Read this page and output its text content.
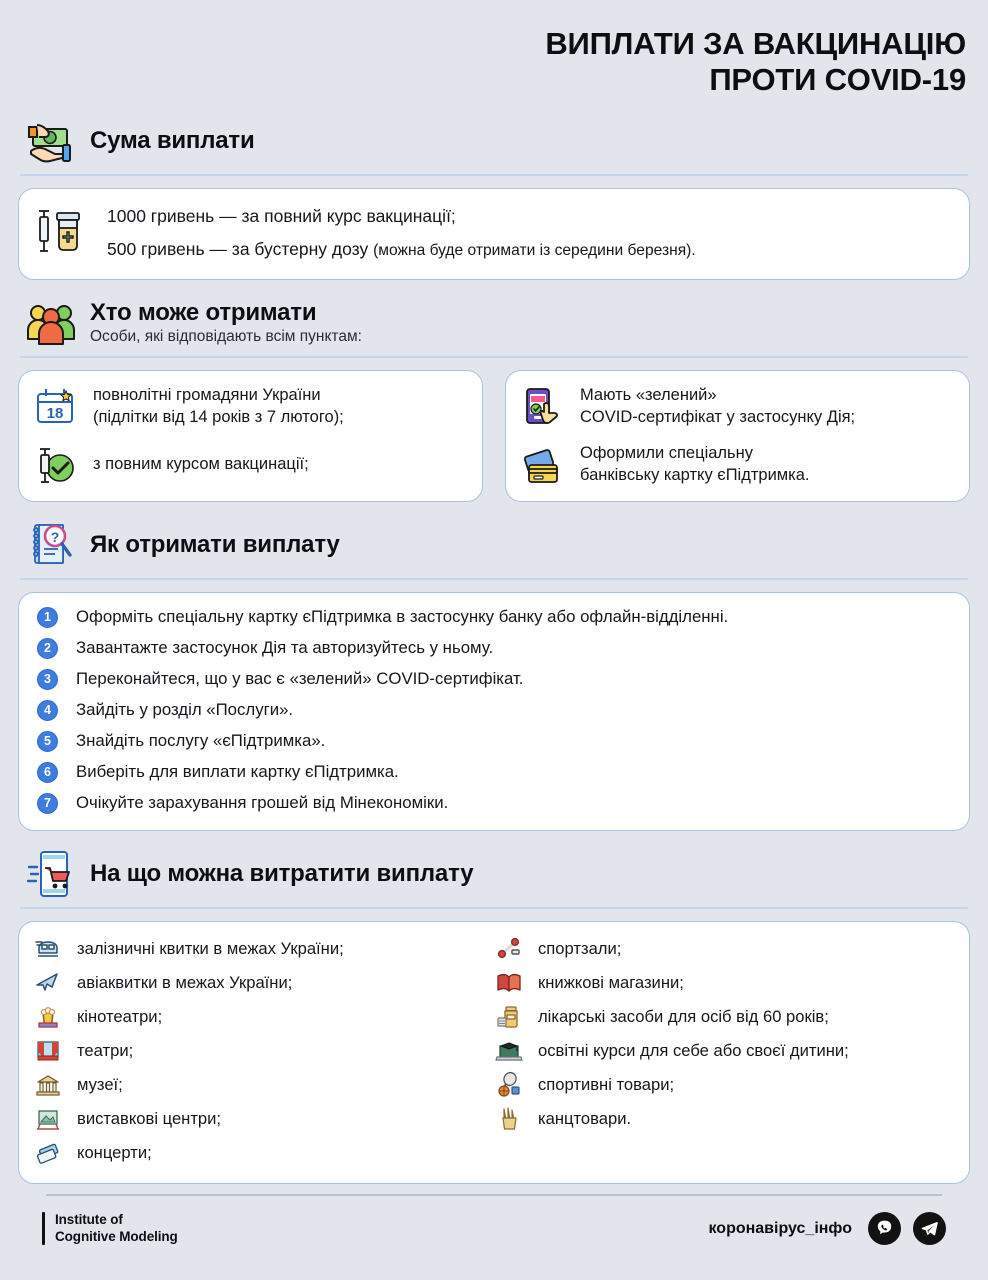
ВИПЛАТИ ЗА ВАКЦИНАЦІЮ
ПРОТИ COVID-19
Сума виплати
1000 гривень — за повний курс вакцинації;
500 гривень — за бустерну дозу (можна буде отримати із середини березня).
Хто може отримати
Особи, які відповідають всім пунктам:
18
повнолітні громадяни України
(підлітки від 14 років з 7 лютого);
з повним курсом вакцинації;
Мають «зелений»
COVID-сертифікат у застосунку Дія;
Оформили спеціальну
банківську картку єПідтримка.
? Як отримати виплату
1	Оформіть спеціальну картку єПідтримка в застосунку банку або офлайн-відділенні.
2	Завантажте застосунок Дія та авторизуйтесь у ньому.
3	Переконайтеся, що у вас є «зелений» COVID-сертифікат.
4	Зайдіть у розділ «Послуги».
5	Знайдіть послугу «єПідтримка».
6	Виберіть для виплати картку єПідтримка.
7	Очікуйте зарахування грошей від Мінекономіки.
На що можна витратити виплату
залізничні квитки в межах України;
авіаквитки в межах України;
кінотеатри;
театри;
музеї;
виставкові центри;
концерти;
спортзали;
книжкові магазини;
лікарські засоби для осіб від 60 років;
освітні курси для себе або своєї дитини;
спортивні товари;
канцтовари.
Institute of
Cognitive Modeling	коронавірус_інфо
